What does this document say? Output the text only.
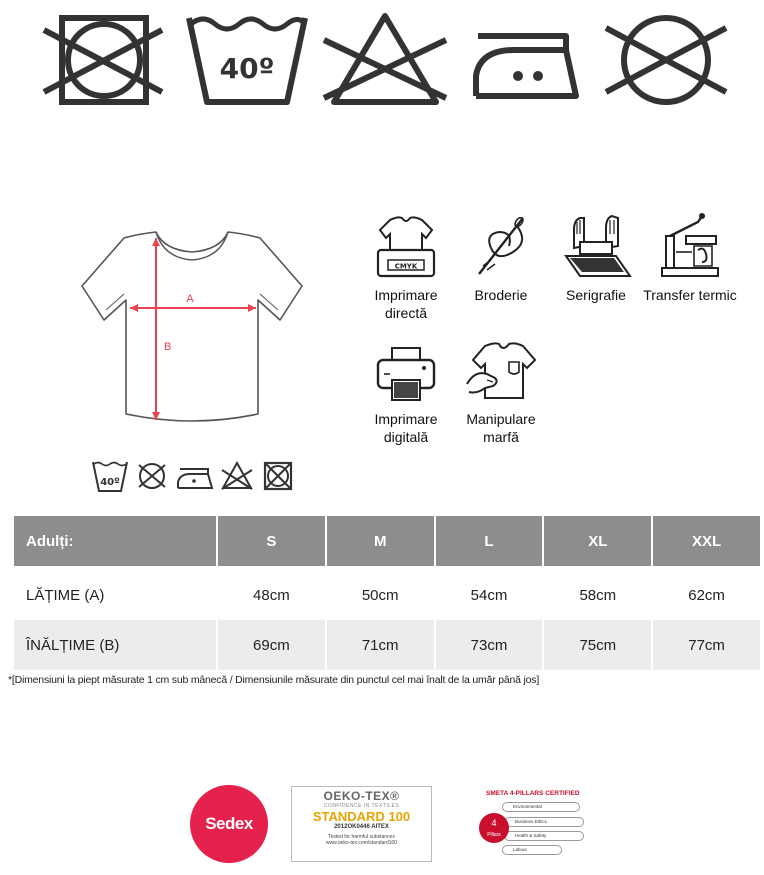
40º
A
B
40º
CMYK
Imprimare directă
Broderie	Serigrafie	Transfer termic
Imprimare digitală
Manipulare marfă
Adulți:	S	M	L	XL	XXL

LĂȚIME (A)	48cm	50cm	54cm	58cm	62cm
ÎNĂLȚIME (B)	69cm	71cm	73cm	75cm	77cm
*[Dimensiuni la piept măsurate 1 cm sub mânecă / Dimensiunile măsurate din punctul cel mai înalt de la umăr până jos]
Sedex
OEKO-TEX®
CONFIDENCE IN TEXTILES
STANDARD 100
2012OK0446 AITEX
Tested for harmful substances
www.oeko-tex.com/standard100
SMETA 4-PILLARS CERTIFIED
Environmental
Business Ethics
Health & Safety
Labour
4
Pillars
